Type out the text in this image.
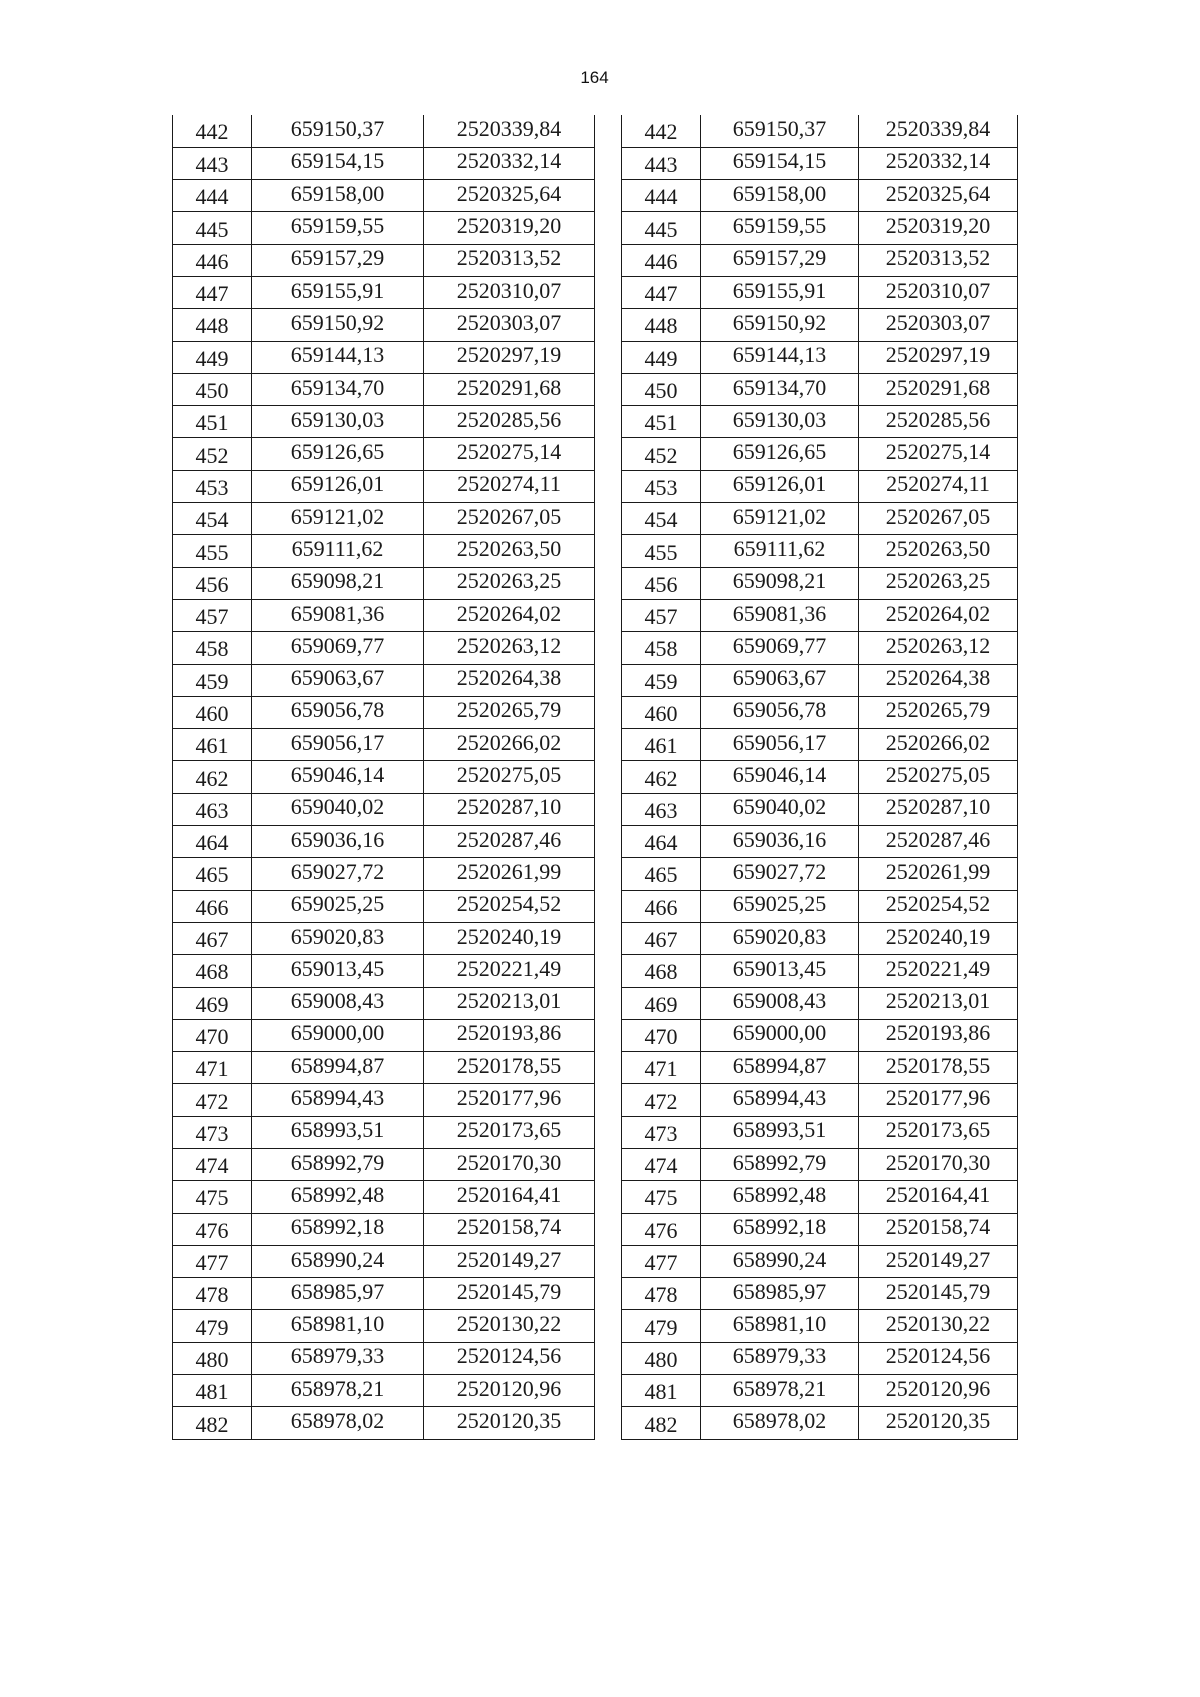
164
442	659150,37	2520339,84
443	659154,15	2520332,14
444	659158,00	2520325,64
445	659159,55	2520319,20
446	659157,29	2520313,52
447	659155,91	2520310,07
448	659150,92	2520303,07
449	659144,13	2520297,19
450	659134,70	2520291,68
451	659130,03	2520285,56
452	659126,65	2520275,14
453	659126,01	2520274,11
454	659121,02	2520267,05
455	659111,62	2520263,50
456	659098,21	2520263,25
457	659081,36	2520264,02
458	659069,77	2520263,12
459	659063,67	2520264,38
460	659056,78	2520265,79
461	659056,17	2520266,02
462	659046,14	2520275,05
463	659040,02	2520287,10
464	659036,16	2520287,46
465	659027,72	2520261,99
466	659025,25	2520254,52
467	659020,83	2520240,19
468	659013,45	2520221,49
469	659008,43	2520213,01
470	659000,00	2520193,86
471	658994,87	2520178,55
472	658994,43	2520177,96
473	658993,51	2520173,65
474	658992,79	2520170,30
475	658992,48	2520164,41
476	658992,18	2520158,74
477	658990,24	2520149,27
478	658985,97	2520145,79
479	658981,10	2520130,22
480	658979,33	2520124,56
481	658978,21	2520120,96
482	658978,02	2520120,35
442	659150,37	2520339,84
443	659154,15	2520332,14
444	659158,00	2520325,64
445	659159,55	2520319,20
446	659157,29	2520313,52
447	659155,91	2520310,07
448	659150,92	2520303,07
449	659144,13	2520297,19
450	659134,70	2520291,68
451	659130,03	2520285,56
452	659126,65	2520275,14
453	659126,01	2520274,11
454	659121,02	2520267,05
455	659111,62	2520263,50
456	659098,21	2520263,25
457	659081,36	2520264,02
458	659069,77	2520263,12
459	659063,67	2520264,38
460	659056,78	2520265,79
461	659056,17	2520266,02
462	659046,14	2520275,05
463	659040,02	2520287,10
464	659036,16	2520287,46
465	659027,72	2520261,99
466	659025,25	2520254,52
467	659020,83	2520240,19
468	659013,45	2520221,49
469	659008,43	2520213,01
470	659000,00	2520193,86
471	658994,87	2520178,55
472	658994,43	2520177,96
473	658993,51	2520173,65
474	658992,79	2520170,30
475	658992,48	2520164,41
476	658992,18	2520158,74
477	658990,24	2520149,27
478	658985,97	2520145,79
479	658981,10	2520130,22
480	658979,33	2520124,56
481	658978,21	2520120,96
482	658978,02	2520120,35
